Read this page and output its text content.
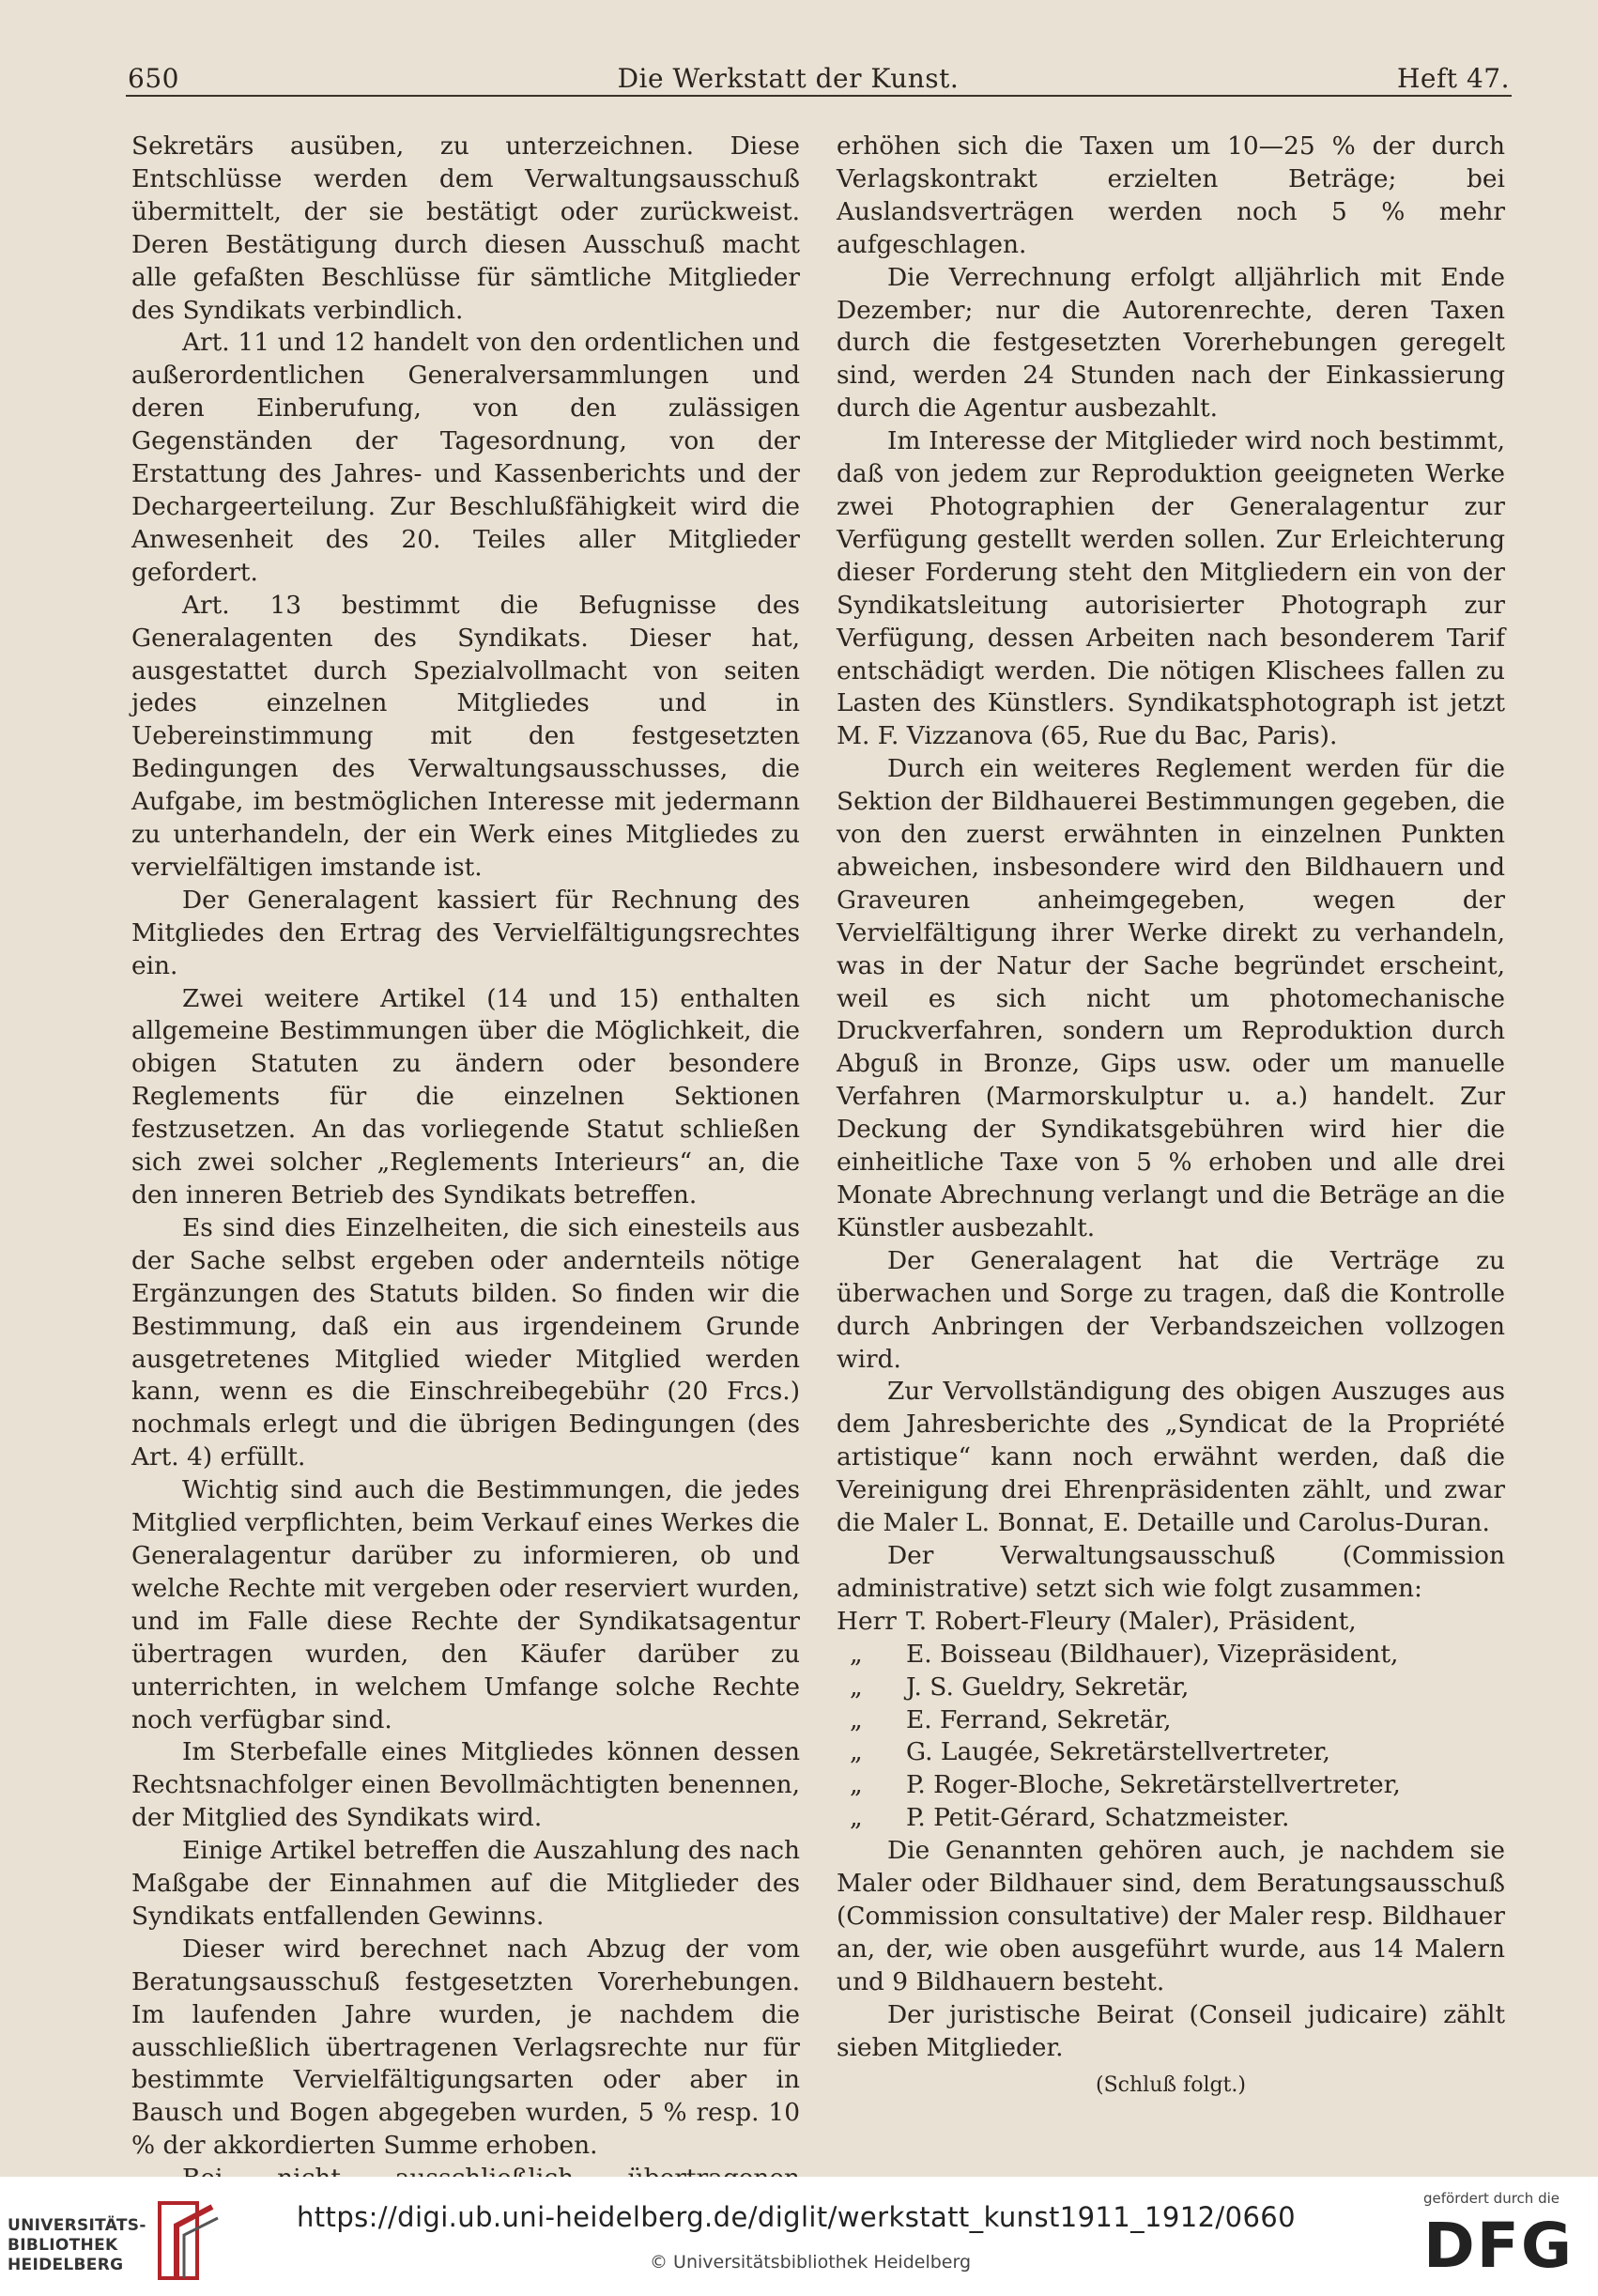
650	Die Werkstatt der Kunst.	Heft 47.

Sekretärs ausüben, zu unterzeichnen. Diese Entschlüsse werden dem Verwaltungsausschuß übermittelt, der sie bestätigt oder zurückweist. Deren Bestätigung durch diesen Ausschuß macht alle gefaßten Beschlüsse für sämtliche Mitglieder des Syndikats verbindlich.

Art. 11 und 12 handelt von den ordentlichen und außerordentlichen Generalversammlungen und deren Einberufung, von den zulässigen Gegenständen der Tagesordnung, von der Erstattung des Jahres- und Kassenberichts und der Dechargeerteilung. Zur Beschlußfähigkeit wird die Anwesenheit des 20. Teiles aller Mitglieder gefordert.

Art. 13 bestimmt die Befugnisse des Generalagenten des Syndikats. Dieser hat, ausgestattet durch Spezialvollmacht von seiten jedes einzelnen Mitgliedes und in Uebereinstimmung mit den festgesetzten Bedingungen des Verwaltungsausschusses, die Aufgabe, im bestmöglichen Interesse mit jedermann zu unterhandeln, der ein Werk eines Mitgliedes zu vervielfältigen imstande ist.

Der Generalagent kassiert für Rechnung des Mitgliedes den Ertrag des Vervielfältigungsrechtes ein.

Zwei weitere Artikel (14 und 15) enthalten allgemeine Bestimmungen über die Möglichkeit, die obigen Statuten zu ändern oder besondere Reglements für die einzelnen Sektionen festzusetzen. An das vorliegende Statut schließen sich zwei solcher „Reglements Interieurs“ an, die den inneren Betrieb des Syndikats betreffen.

Es sind dies Einzelheiten, die sich einesteils aus der Sache selbst ergeben oder andernteils nötige Ergänzungen des Statuts bilden. So finden wir die Bestimmung, daß ein aus irgendeinem Grunde ausgetretenes Mitglied wieder Mitglied werden kann, wenn es die Einschreibegebühr (20 Frcs.) nochmals erlegt und die übrigen Bedingungen (des Art. 4) erfüllt.

Wichtig sind auch die Bestimmungen, die jedes Mitglied verpflichten, beim Verkauf eines Werkes die Generalagentur darüber zu informieren, ob und welche Rechte mit vergeben oder reserviert wurden, und im Falle diese Rechte der Syndikatsagentur übertragen wurden, den Käufer darüber zu unterrichten, in welchem Umfange solche Rechte noch verfügbar sind.

Im Sterbefalle eines Mitgliedes können dessen Rechtsnachfolger einen Bevollmächtigten benennen, der Mitglied des Syndikats wird.

Einige Artikel betreffen die Auszahlung des nach Maßgabe der Einnahmen auf die Mitglieder des Syndikats entfallenden Gewinns.

Dieser wird berechnet nach Abzug der vom Beratungsausschuß festgesetzten Vorerhebungen. Im laufenden Jahre wurden, je nachdem die ausschließlich übertragenen Verlagsrechte nur für bestimmte Vervielfältigungsarten oder aber in Bausch und Bogen abgegeben wurden, 5 % resp. 10 % der akkordierten Summe erhoben.

erhöhen sich die Taxen um 10—25 % der durch Verlagskontrakt erzielten Beträge; bei Auslandsverträgen werden noch 5 % mehr aufgeschlagen.

Die Verrechnung erfolgt alljährlich mit Ende Dezember; nur die Autorenrechte, deren Taxen durch die festgesetzten Vorerhebungen geregelt sind, werden 24 Stunden nach der Einkassierung durch die Agentur ausbezahlt.

Im Interesse der Mitglieder wird noch bestimmt, daß von jedem zur Reproduktion geeigneten Werke zwei Photographien der Generalagentur zur Verfügung gestellt werden sollen. Zur Erleichterung dieser Forderung steht den Mitgliedern ein von der Syndikatsleitung autorisierter Photograph zur Verfügung, dessen Arbeiten nach besonderem Tarif entschädigt werden. Die nötigen Klischees fallen zu Lasten des Künstlers. Syndikatsphotograph ist jetzt M. F. Vizzanova (65, Rue du Bac, Paris).

Durch ein weiteres Reglement werden für die Sektion der Bildhauerei Bestimmungen gegeben, die von den zuerst erwähnten in einzelnen Punkten abweichen, insbesondere wird den Bildhauern und Graveuren anheimgegeben, wegen der Vervielfältigung ihrer Werke direkt zu verhandeln, was in der Natur der Sache begründet erscheint, weil es sich nicht um photomechanische Druckverfahren, sondern um Reproduktion durch Abguß in Bronze, Gips usw. oder um manuelle Verfahren (Marmorskulptur u. a.) handelt. Zur Deckung der Syndikatsgebühren wird hier die einheitliche Taxe von 5 % erhoben und alle drei Monate Abrechnung verlangt und die Beträge an die Künstler ausbezahlt.

Der Generalagent hat die Verträge zu überwachen und Sorge zu tragen, daß die Kontrolle durch Anbringen der Verbandszeichen vollzogen wird.

Zur Vervollständigung des obigen Auszuges aus dem Jahresberichte des „Syndicat de la Propriété artistique“ kann noch erwähnt werden, daß die Vereinigung drei Ehrenpräsidenten zählt, und zwar die Maler L. Bonnat, E. Detaille und Carolus-Duran.

Der Verwaltungsausschuß (Commission administrative) setzt sich wie folgt zusammen:

Herr T. Robert-Fleury (Maler), Präsident,
„	E. Boisseau (Bildhauer), Vizepräsident,
„	J. S. Gueldry, Sekretär,
„	E. Ferrand, Sekretär,
„	G. Laugée, Sekretärstellvertreter,
„	P. Roger-Bloche, Sekretärstellvertreter,
„	P. Petit-Gérard, Schatzmeister.

Die Genannten gehören auch, je nachdem sie Maler oder Bildhauer sind, dem Beratungsausschuß (Commission consultative) der Maler resp. Bildhauer an, der, wie oben ausgeführt wurde, aus 14 Malern und 9 Bildhauern besteht.

Der juristische Beirat (Conseil judicaire) zählt sieben Mitglieder.

(Schluß folgt.)

UNIVERSITÄTS-
BIBLIOTHEK
HEIDELBERG
https://digi.ub.uni-heidelberg.de/diglit/werkstatt_kunst1911_1912/0660
© Universitätsbibliothek Heidelberg
gefördert durch die
DFG
